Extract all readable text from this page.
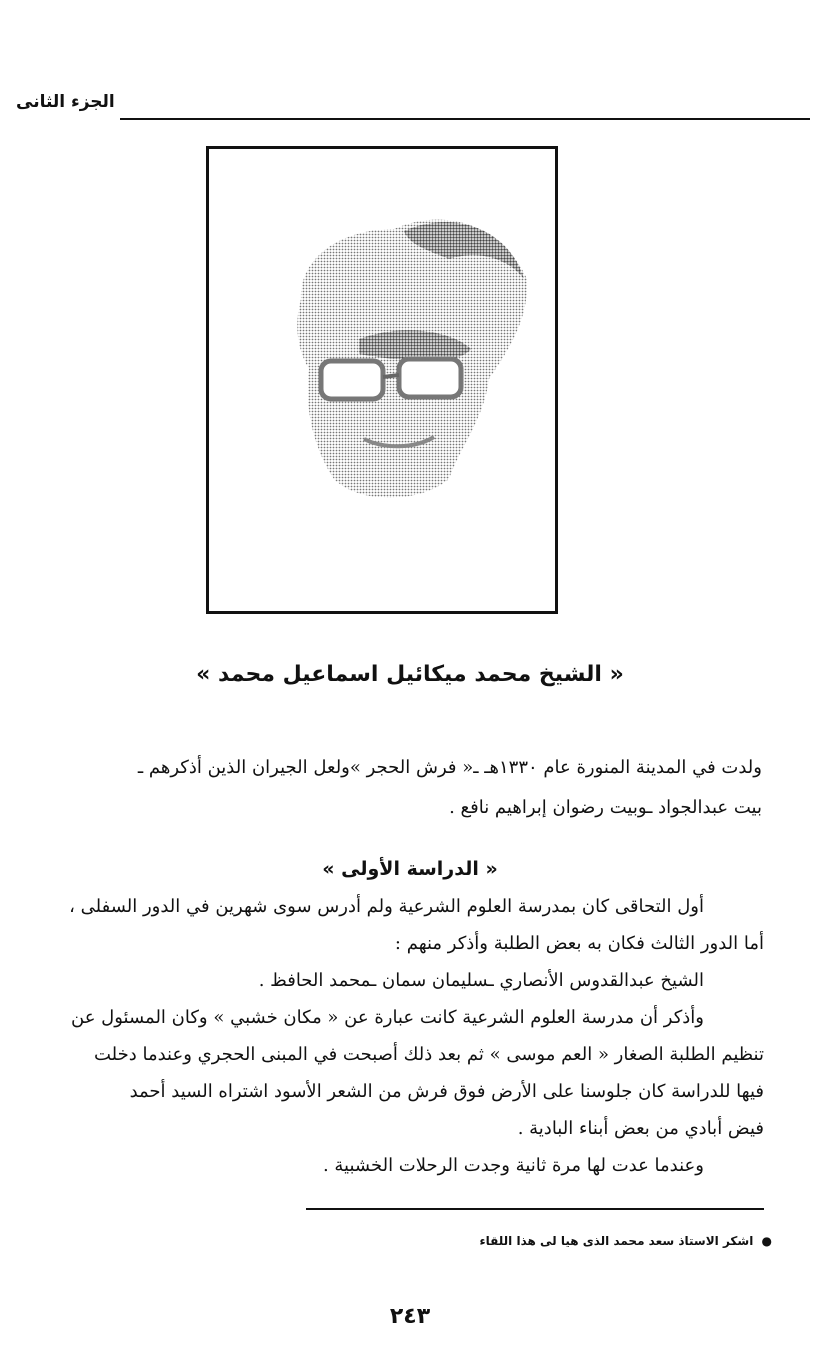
الجزء الثانى
« الشيخ محمد ميكائيل اسماعيل محمد »
ولدت في المدينة المنورة عام ١٣٣٠هـ ـ« فرش الحجر »ولعل الجيران الذين أذكرهم ـ
بيت عبدالجواد ـوبيت رضوان إبراهيم نافع .
« الدراسة الأولى »
أول التحاقى كان بمدرسة العلوم الشرعية ولم أدرس سوى شهرين في الدور السفلى ،
أما الدور الثالث فكان به بعض الطلبة وأذكر منهم :
الشيخ عبدالقدوس الأنصاري ـسليمان سمان ـمحمد الحافظ .
وأذكر أن مدرسة العلوم الشرعية كانت عبارة عن « مكان خشبي » وكان المسئول عن
تنظيم الطلبة الصغار « العم موسى » ثم بعد ذلك أصبحت في المبنى الحجري وعندما دخلت
فيها للدراسة كان جلوسنا على الأرض فوق فرش من الشعر الأسود اشتراه السيد أحمد
فيض أبادي من بعض أبناء البادية .
وعندما عدت لها مرة ثانية وجدت الرحلات الخشبية .
● اشكر الاستاذ سعد محمد الذى هيا لى هذا اللقاء
٢٤٣
